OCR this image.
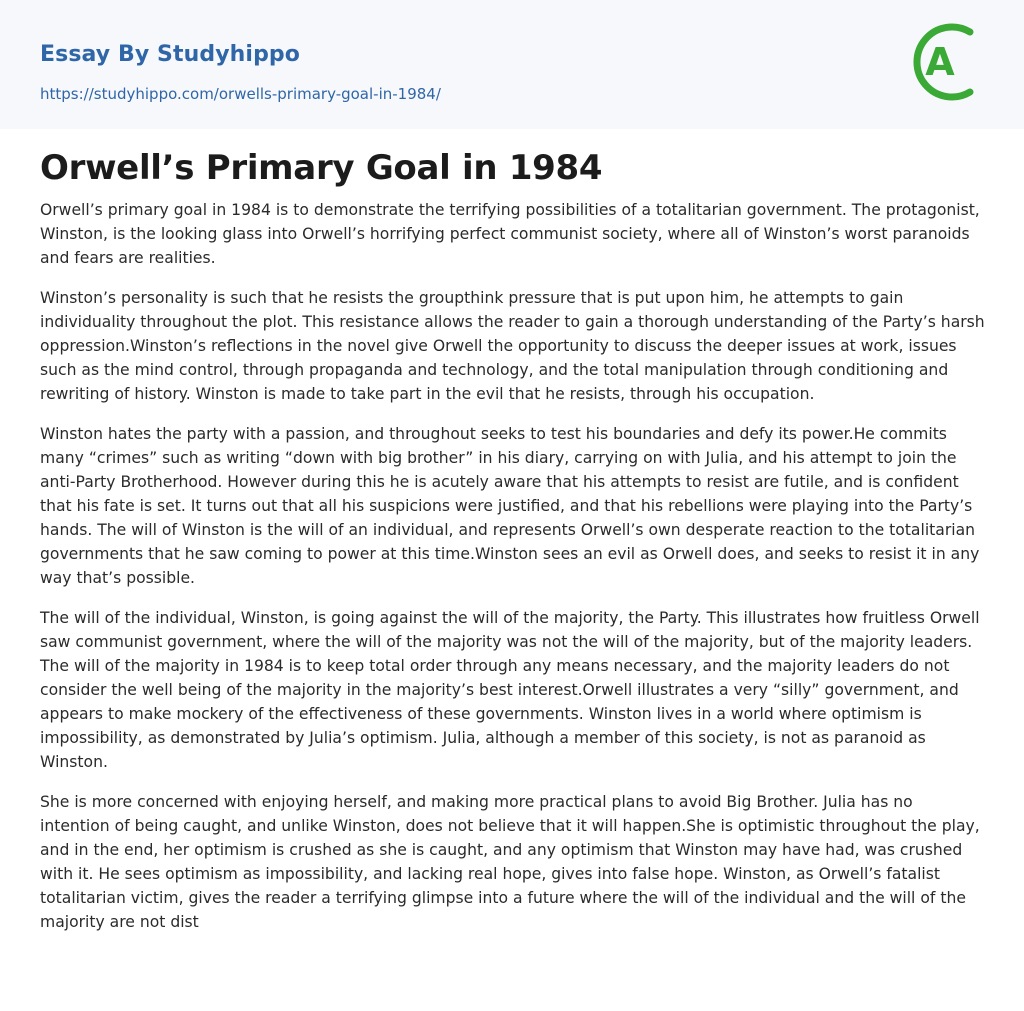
Essay By Studyhippo
https://studyhippo.com/orwells-primary-goal-in-1984/
A
Orwell’s Primary Goal in 1984

Orwell’s primary goal in 1984 is to demonstrate the terrifying possibilities of a totalitarian government. The protagonist, Winston, is the looking glass into Orwell’s horrifying perfect communist society, where all of Winston’s worst paranoids and fears are realities.

Winston’s personality is such that he resists the groupthink pressure that is put upon him, he attempts to gain individuality throughout the plot. This resistance allows the reader to gain a thorough understanding of the Party’s harsh oppression.Winston’s reflections in the novel give Orwell the opportunity to discuss the deeper issues at work, issues such as the mind control, through propaganda and technology, and the total manipulation through conditioning and rewriting of history. Winston is made to take part in the evil that he resists, through his occupation.

Winston hates the party with a passion, and throughout seeks to test his boundaries and defy its power.He commits many “crimes” such as writing “down with big brother” in his diary, carrying on with Julia, and his attempt to join the anti-Party Brotherhood. However during this he is acutely aware that his attempts to resist are futile, and is confident that his fate is set. It turns out that all his suspicions were justified, and that his rebellions were playing into the Party’s hands. The will of Winston is the will of an individual, and represents Orwell’s own desperate reaction to the totalitarian governments that he saw coming to power at this time.Winston sees an evil as Orwell does, and seeks to resist it in any way that’s possible.

The will of the individual, Winston, is going against the will of the majority, the Party. This illustrates how fruitless Orwell saw communist government, where the will of the majority was not the will of the majority, but of the majority leaders. The will of the majority in 1984 is to keep total order through any means necessary, and the majority leaders do not consider the well being of the majority in the majority’s best interest.Orwell illustrates a very “silly” government, and appears to make mockery of the effectiveness of these governments. Winston lives in a world where optimism is impossibility, as demonstrated by Julia’s optimism. Julia, although a member of this society, is not as paranoid as Winston.

She is more concerned with enjoying herself, and making more practical plans to avoid Big Brother. Julia has no intention of being caught, and unlike Winston, does not believe that it will happen.She is optimistic throughout the play, and in the end, her optimism is crushed as she is caught, and any optimism that Winston may have had, was crushed with it. He sees optimism as impossibility, and lacking real hope, gives into false hope. Winston, as Orwell’s fatalist totalitarian victim, gives the reader a terrifying glimpse into a future where the will of the individual and the will of the majority are not dist
